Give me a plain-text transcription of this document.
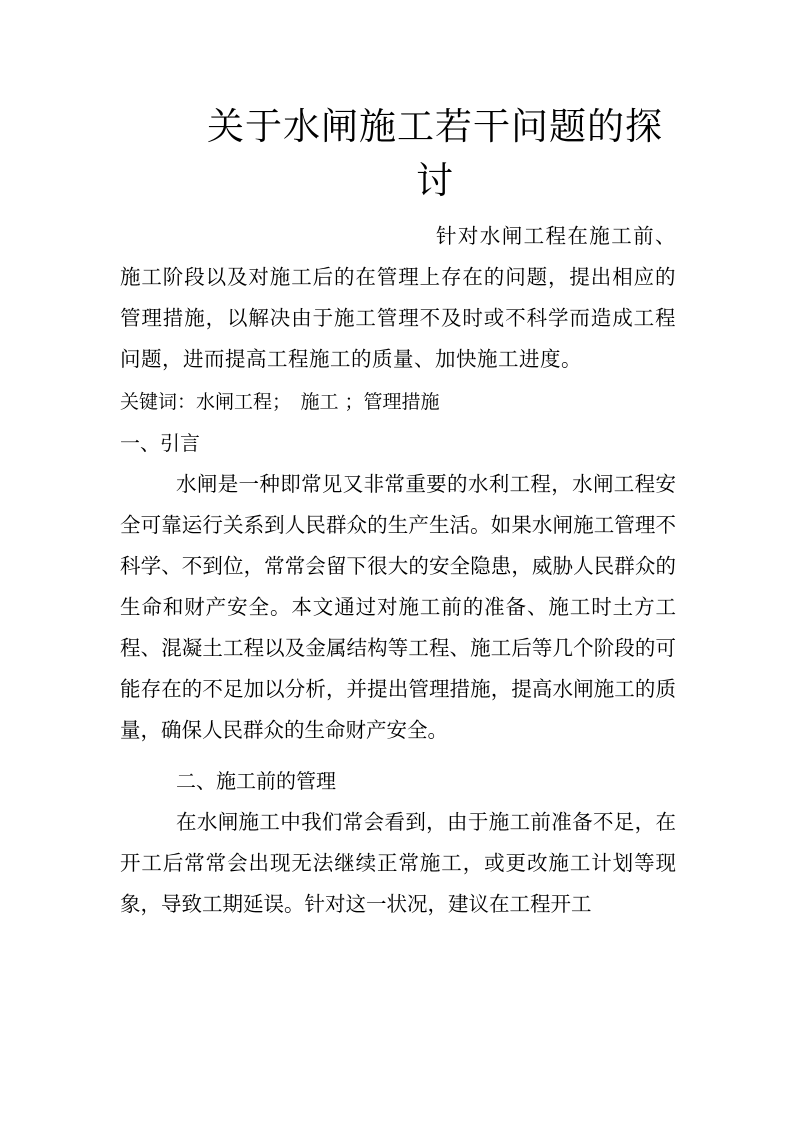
关于水闸施工若干问题的探
讨

针对水闸工程在施工前、施工阶段以及对施工后的在管理上存在的问题，提出相应的管理措施，以解决由于施工管理不及时或不科学而造成工程问题，进而提高工程施工的质量、加快施工进度。

关键词：水闸工程；　施工 ；管理措施

一、引言

水闸是一种即常见又非常重要的水利工程，水闸工程安全可靠运行关系到人民群众的生产生活。如果水闸施工管理不科学、不到位，常常会留下很大的安全隐患，威胁人民群众的生命和财产安全。本文通过对施工前的准备、施工时土方工程、混凝土工程以及金属结构等工程、施工后等几个阶段的可能存在的不足加以分析，并提出管理措施，提高水闸施工的质量，确保人民群众的生命财产安全。

二、施工前的管理

在水闸施工中我们常会看到，由于施工前准备不足，在开工后常常会出现无法继续正常施工，或更改施工计划等现象，导致工期延误。针对这一状况，建议在工程开工
